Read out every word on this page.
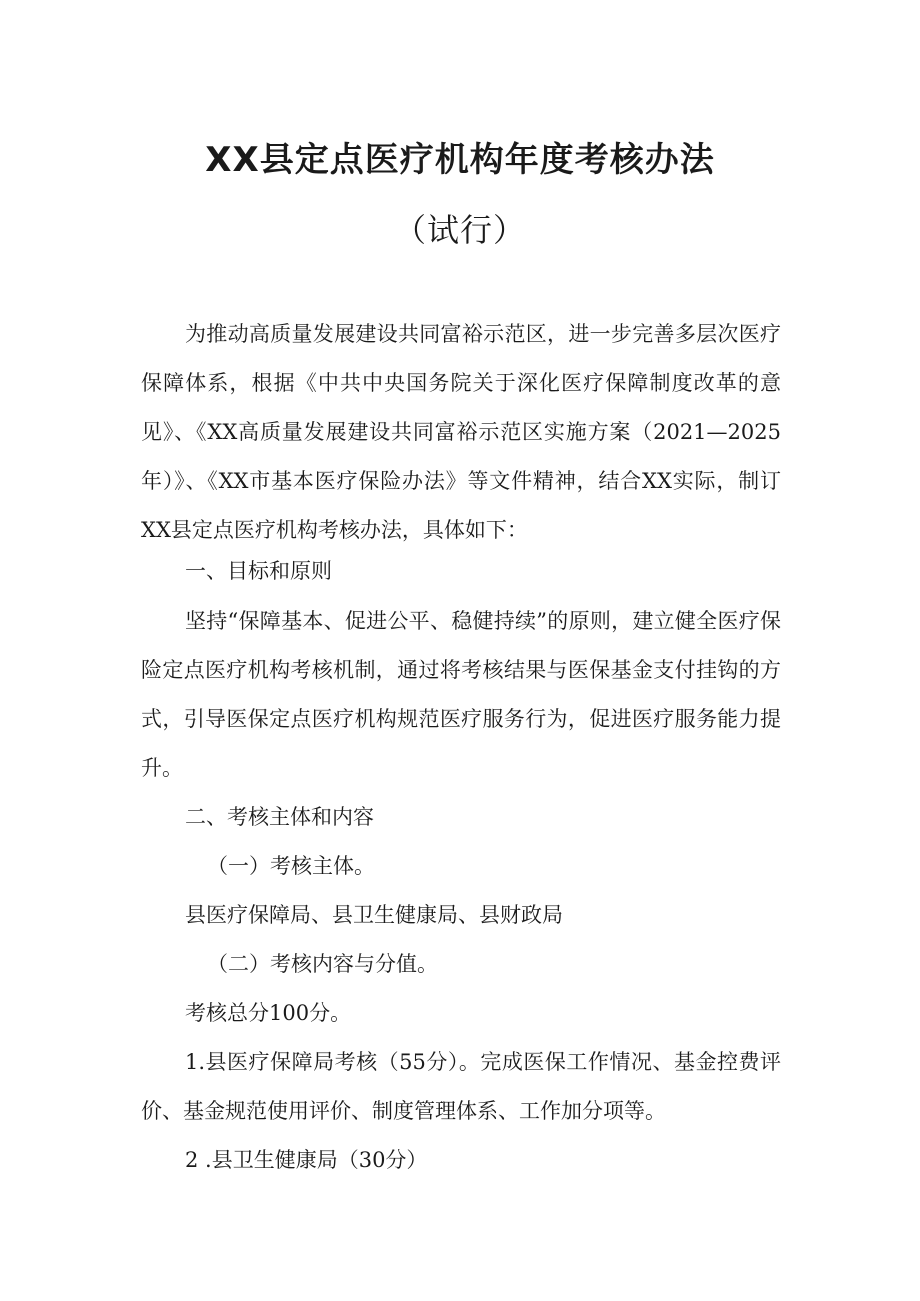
XX县定点医疗机构年度考核办法
（试行）

为推动高质量发展建设共同富裕示范区，进一步完善多层次医疗保障体系，根据《中共中央国务院关于深化医疗保障制度改革的意见》、《XX高质量发展建设共同富裕示范区实施方案（2021—2025年）》、《XX市基本医疗保险办法》等文件精神，结合XX实际，制订XX县定点医疗机构考核办法，具体如下：

一、目标和原则

坚持“保障基本、促进公平、稳健持续”的原则，建立健全医疗保险定点医疗机构考核机制，通过将考核结果与医保基金支付挂钩的方式，引导医保定点医疗机构规范医疗服务行为，促进医疗服务能力提升。

二、考核主体和内容

（一）考核主体。

县医疗保障局、县卫生健康局、县财政局

（二）考核内容与分值。

考核总分100分。

1.县医疗保障局考核（55分）。完成医保工作情况、基金控费评价、基金规范使用评价、制度管理体系、工作加分项等。

2 .县卫生健康局（30分）
